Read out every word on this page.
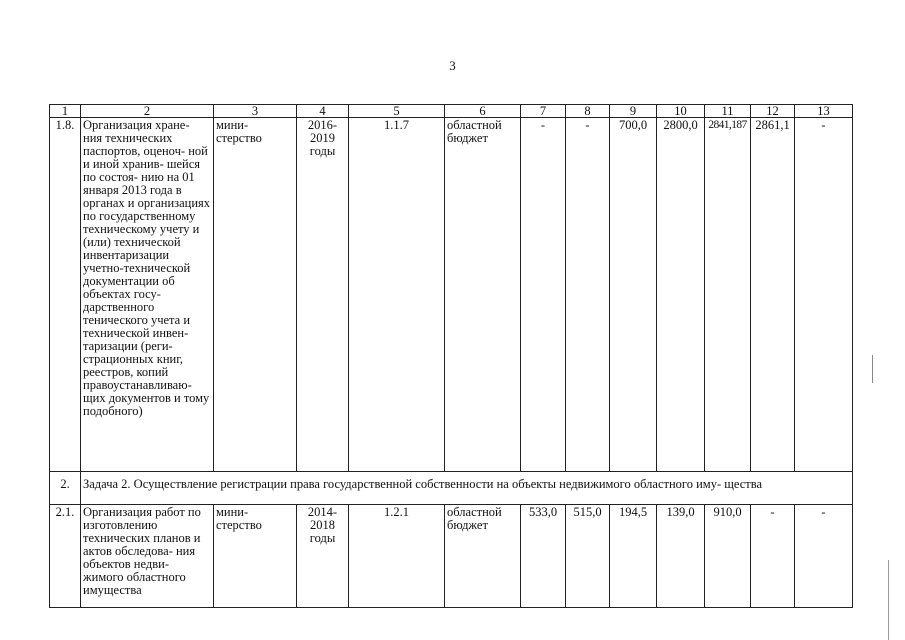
3
1	2	3	4	5	6	7	8	9	10	11	12	13
1.8.	Организация хране- ния технических паспортов, оценоч- ной и иной хранив- шейся по состоя- нию на 01 января 2013 года в органах и организациях по государственному техническому учету и (или) технической инвентаризации учетно-технической документации об объектах госу- дарственного тенического учета и технической инвен- таризации (реги- страционных книг, реестров, копий правоустанавливаю- щих документов и тому подобного)	мини- стерство	2016- 2019 годы	1.1.7	областной бюджет	-	-	700,0	2800,0	2841,187	2861,1	-
2.	Задача 2. Осуществление регистрации права государственной собственности на объекты недвижимого областного иму- щества											
2.1.	Организация работ по изготовлению технических планов и актов обследова- ния объектов недви- жимого областного имущества	мини- стерство	2014- 2018 годы	1.2.1	областной бюджет	533,0	515,0	194,5	139,0	910,0	-	-
